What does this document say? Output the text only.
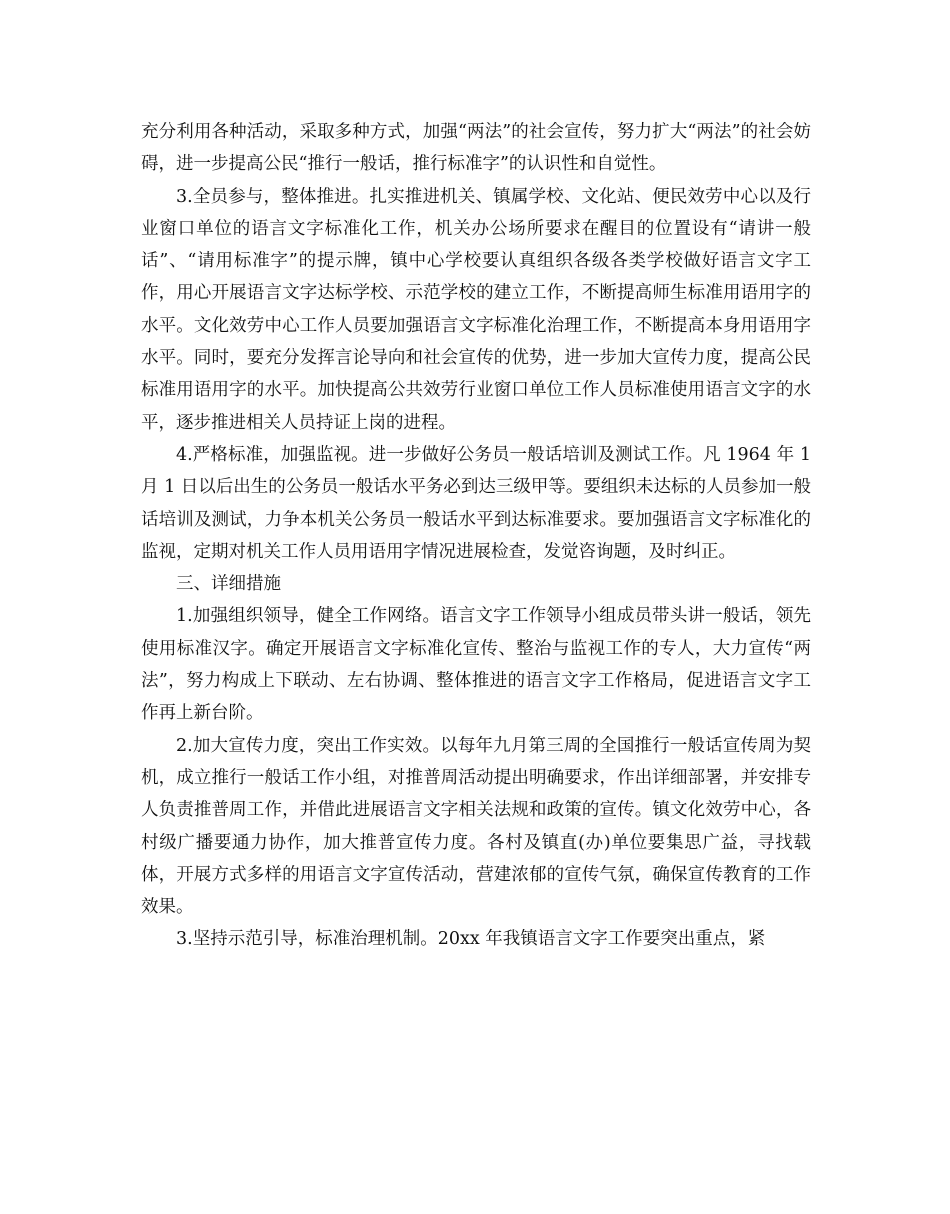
充分利用各种活动，采取多种方式，加强“两法”的社会宣传，努力扩大“两法”的社会妨碍，进一步提高公民“推行一般话，推行标准字”的认识性和自觉性。

3.全员参与，整体推进。扎实推进机关、镇属学校、文化站、便民效劳中心以及行业窗口单位的语言文字标准化工作，机关办公场所要求在醒目的位置设有“请讲一般话”、“请用标准字”的提示牌，镇中心学校要认真组织各级各类学校做好语言文字工作，用心开展语言文字达标学校、示范学校的建立工作，不断提高师生标准用语用字的水平。文化效劳中心工作人员要加强语言文字标准化治理工作，不断提高本身用语用字水平。同时，要充分发挥言论导向和社会宣传的优势，进一步加大宣传力度，提高公民标准用语用字的水平。加快提高公共效劳行业窗口单位工作人员标准使用语言文字的水平，逐步推进相关人员持证上岗的进程。

4.严格标准，加强监视。进一步做好公务员一般话培训及测试工作。凡 1964 年 1 月 1 日以后出生的公务员一般话水平务必到达三级甲等。要组织未达标的人员参加一般话培训及测试，力争本机关公务员一般话水平到达标准要求。要加强语言文字标准化的监视，定期对机关工作人员用语用字情况进展检查，发觉咨询题，及时纠正。

三、详细措施

1.加强组织领导，健全工作网络。语言文字工作领导小组成员带头讲一般话，领先使用标准汉字。确定开展语言文字标准化宣传、整治与监视工作的专人，大力宣传“两法”，努力构成上下联动、左右协调、整体推进的语言文字工作格局，促进语言文字工作再上新台阶。

2.加大宣传力度，突出工作实效。以每年九月第三周的全国推行一般话宣传周为契机，成立推行一般话工作小组，对推普周活动提出明确要求，作出详细部署，并安排专人负责推普周工作，并借此进展语言文字相关法规和政策的宣传。镇文化效劳中心，各村级广播要通力协作，加大推普宣传力度。各村及镇直(办)单位要集思广益，寻找载体，开展方式多样的用语言文字宣传活动，营建浓郁的宣传气氛，确保宣传教育的工作效果。

3.坚持示范引导，标准治理机制。20xx 年我镇语言文字工作要突出重点，紧
